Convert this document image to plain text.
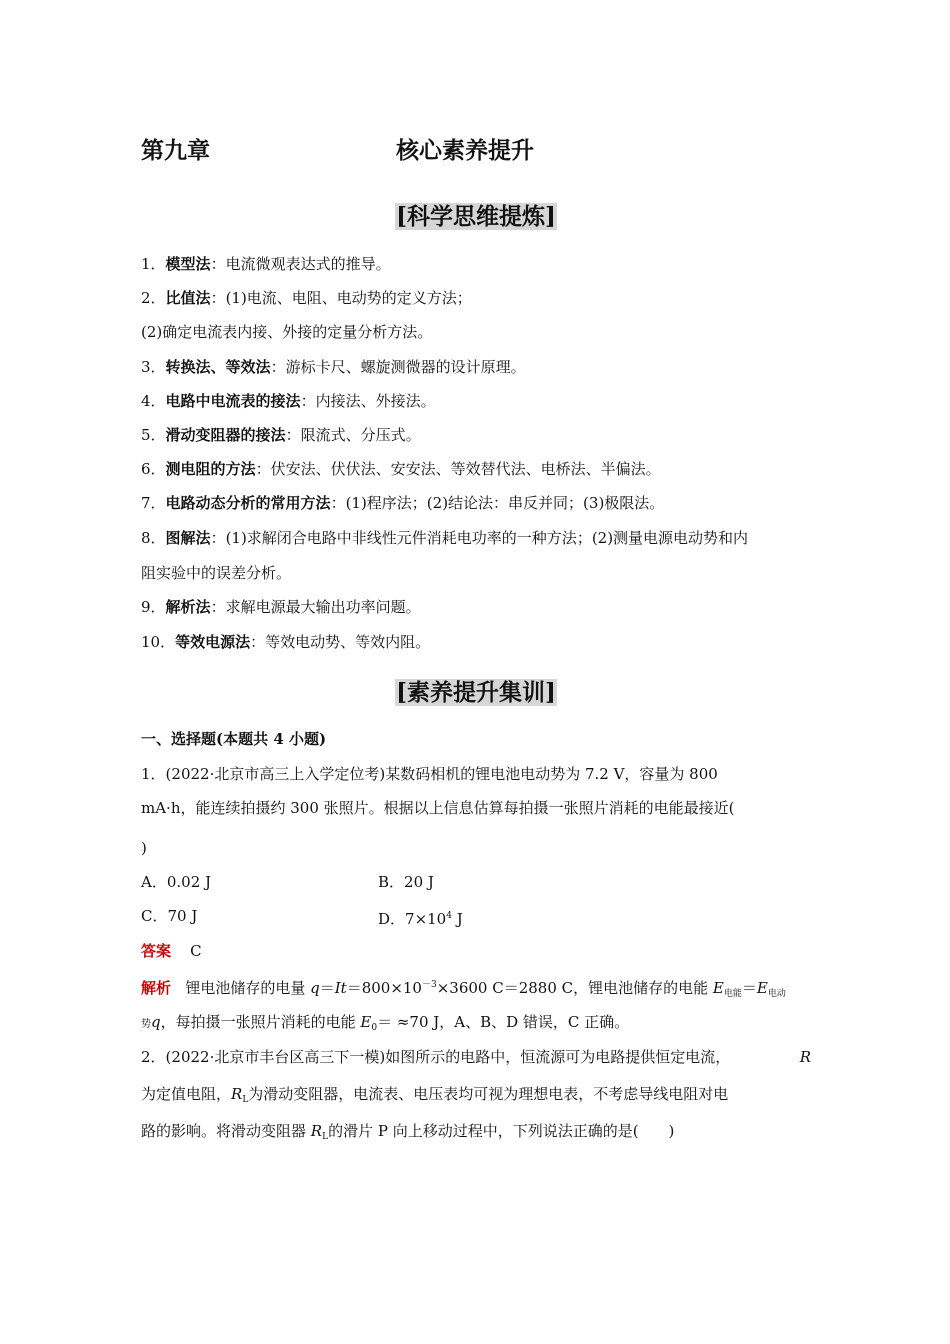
第九章	核心素养提升
[科学思维提炼]
1．模型法：电流微观表达式的推导。
2．比值法：(1)电流、电阻、电动势的定义方法；
(2)确定电流表内接、外接的定量分析方法。
3．转换法、等效法：游标卡尺、螺旋测微器的设计原理。
4．电路中电流表的接法：内接法、外接法。
5．滑动变阻器的接法：限流式、分压式。
6．测电阻的方法：伏安法、伏伏法、安安法、等效替代法、电桥法、半偏法。
7．电路动态分析的常用方法：(1)程序法；(2)结论法：串反并同；(3)极限法。
8．图解法：(1)求解闭合电路中非线性元件消耗电功率的一种方法；(2)测量电源电动势和内
阻实验中的误差分析。
9．解析法：求解电源最大输出功率问题。
10．等效电源法：等效电动势、等效内阻。
[素养提升集训]
一、选择题(本题共 4 小题)
1．(2022·北京市高三上入学定位考)某数码相机的锂电池电动势为 7.2 V，容量为 800
mA·h，能连续拍摄约 300 张照片。根据以上信息估算每拍摄一张照片消耗的电能最接近(
)
A．0.02 J	B．20 J
C．70 J	D．$7\times 10^4$ J
答案 C
解析 锂电池储存的电量 $q=It=800\times 10^{-3}\times 3600$ C＝2880 C，锂电池储存的电能 $E_{电能}=E_{电动}$
势q，每拍摄一张照片消耗的电能 $E_0= \approx 70$ J，A、B、D 错误，C 正确。
2．(2022·北京市丰台区高三下一模)如图所示的电路中，恒流源可为电路提供恒定电流，	R
为定值电阻，$R_L$为滑动变阻器，电流表、电压表均可视为理想电表，不考虑导线电阻对电
路的影响。将滑动变阻器 $R_L$的滑片 P 向上移动过程中，下列说法正确的是(　　)
